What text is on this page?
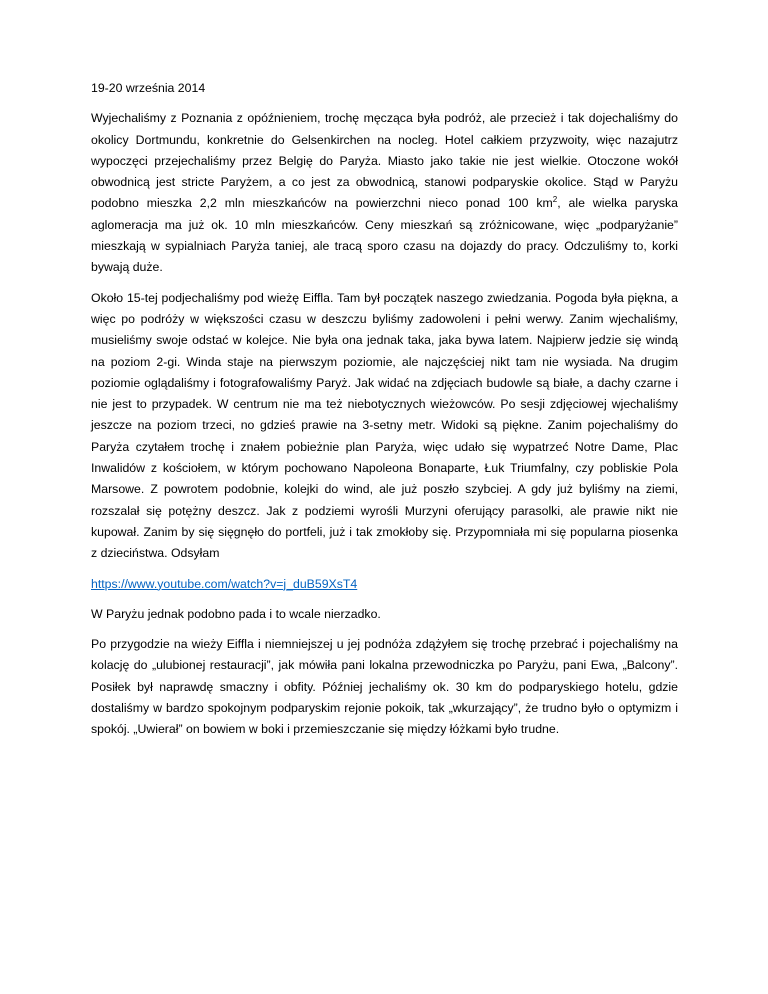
19-20 września 2014

Wyjechaliśmy z Poznania z opóźnieniem, trochę męcząca była podróż, ale przecież i tak dojechaliśmy do okolicy Dortmundu, konkretnie do Gelsenkirchen na nocleg. Hotel całkiem przyzwoity, więc nazajutrz wypoczęci przejechaliśmy przez Belgię do Paryża. Miasto jako takie nie jest wielkie. Otoczone wokół obwodnicą jest stricte Paryżem, a co jest za obwodnicą, stanowi podparyskie okolice. Stąd w Paryżu podobno mieszka 2,2 mln mieszkańców na powierzchni nieco ponad 100 $km^2$, ale wielka paryska aglomeracja ma już ok. 10 mln mieszkańców. Ceny mieszkań są zróżnicowane, więc „podparyżanie” mieszkają w sypialniach Paryża taniej, ale tracą sporo czasu na dojazdy do pracy. Odczuliśmy to, korki bywają duże.

Około 15-tej podjechaliśmy pod wieżę Eiffla. Tam był początek naszego zwiedzania. Pogoda była piękna, a więc po podróży w większości czasu w deszczu byliśmy zadowoleni i pełni werwy. Zanim wjechaliśmy, musieliśmy swoje odstać w kolejce. Nie była ona jednak taka, jaka bywa latem. Najpierw jedzie się windą na poziom 2-gi. Winda staje na pierwszym poziomie, ale najczęściej nikt tam nie wysiada. Na drugim poziomie oglądaliśmy i fotografowaliśmy Paryż. Jak widać na zdjęciach budowle są białe, a dachy czarne i nie jest to przypadek. W centrum nie ma też niebotycznych wieżowców. Po sesji zdjęciowej wjechaliśmy jeszcze na poziom trzeci, no gdzieś prawie na 3-setny metr. Widoki są piękne. Zanim pojechaliśmy do Paryża czytałem trochę i znałem pobieżnie plan Paryża, więc udało się wypatrzeć Notre Dame, Plac Inwalidów z kościołem, w którym pochowano Napoleona Bonaparte, Łuk Triumfalny, czy pobliskie Pola Marsowe. Z powrotem podobnie, kolejki do wind, ale już poszło szybciej. A gdy już byliśmy na ziemi, rozszalał się potężny deszcz. Jak z podziemi wyrośli Murzyni oferujący parasolki, ale prawie nikt nie kupował. Zanim by się sięgnęło do portfeli, już i tak zmokłoby się. Przypomniała mi się popularna piosenka z dzieciństwa. Odsyłam

https://www.youtube.com/watch?v=j_duB59XsT4

W Paryżu jednak podobno pada i to wcale nierzadko.

Po przygodzie na wieży Eiffla i niemniejszej u jej podnóża zdążyłem się trochę przebrać i pojechaliśmy na kolację do „ulubionej restauracji”, jak mówiła pani lokalna przewodniczka po Paryżu, pani Ewa, „Balcony”. Posiłek był naprawdę smaczny i obfity. Później jechaliśmy ok. 30 km do podparyskiego hotelu, gdzie dostaliśmy w bardzo spokojnym podparyskim rejonie pokoik, tak „wkurzający”, że trudno było o optymizm i spokój. „Uwierał” on bowiem w boki i przemieszczanie się między łóżkami było trudne.
